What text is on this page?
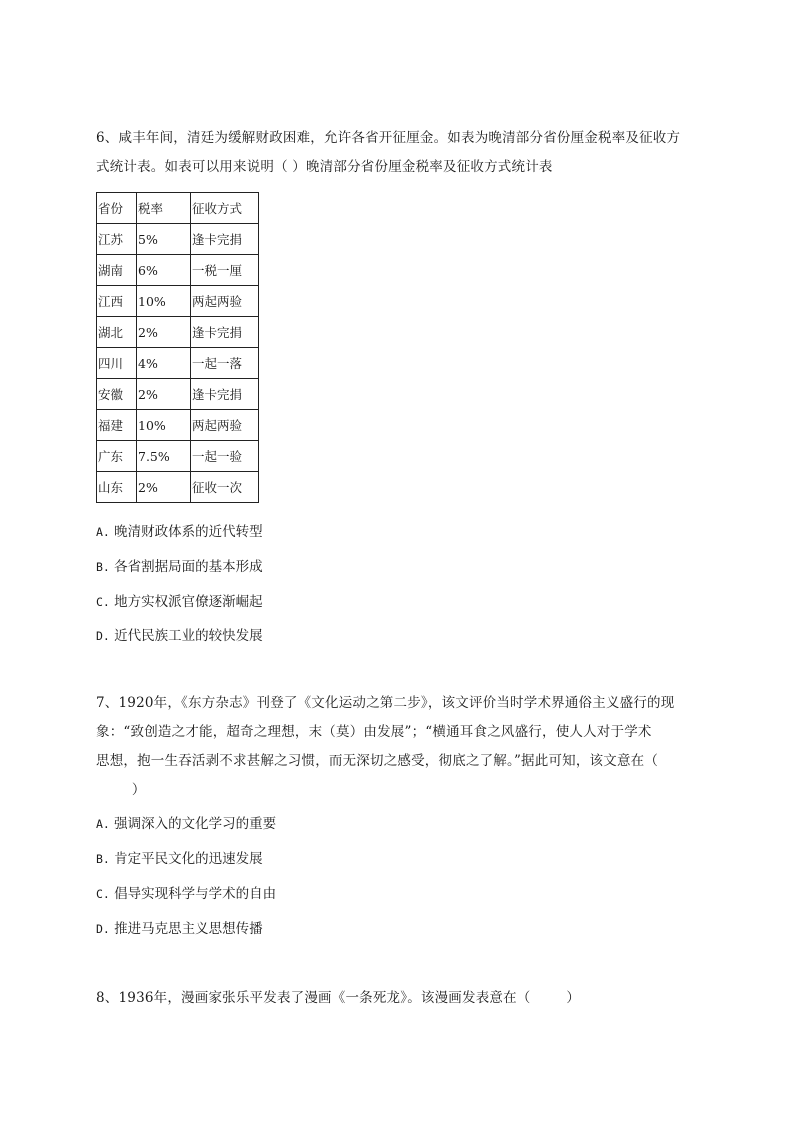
6、咸丰年间，清廷为缓解财政困难，允许各省开征厘金。如表为晚清部分省份厘金税率及征收方
式统计表。如表可以用来说明（ ）晚清部分省份厘金税率及征收方式统计表
省份	税率	征收方式
江苏	5%	逢卡完捐
湖南	6%	一税一厘
江西	10%	两起两验
湖北	2%	逢卡完捐
四川	4%	一起一落
安徽	2%	逢卡完捐
福建	10%	两起两验
广东	7.5%	一起一验
山东	2%	征收一次
A. 晚清财政体系的近代转型
B. 各省割据局面的基本形成
C. 地方实权派官僚逐渐崛起
D. 近代民族工业的较快发展
7、1920年，《东方杂志》刊登了《文化运动之第二步》，该文评价当时学术界通俗主义盛行的现
象：“致创造之才能，超奇之理想，末（莫）由发展”；“横通耳食之风盛行，使人人对于学术
思想，抱一生吞活剥不求甚解之习惯，而无深切之感受，彻底之了解。”据此可知，该文意在（
）
A. 强调深入的文化学习的重要
B. 肯定平民文化的迅速发展
C. 倡导实现科学与学术的自由
D. 推进马克思主义思想传播
8、1936年，漫画家张乐平发表了漫画《一条死龙》。该漫画发表意在（        ）
